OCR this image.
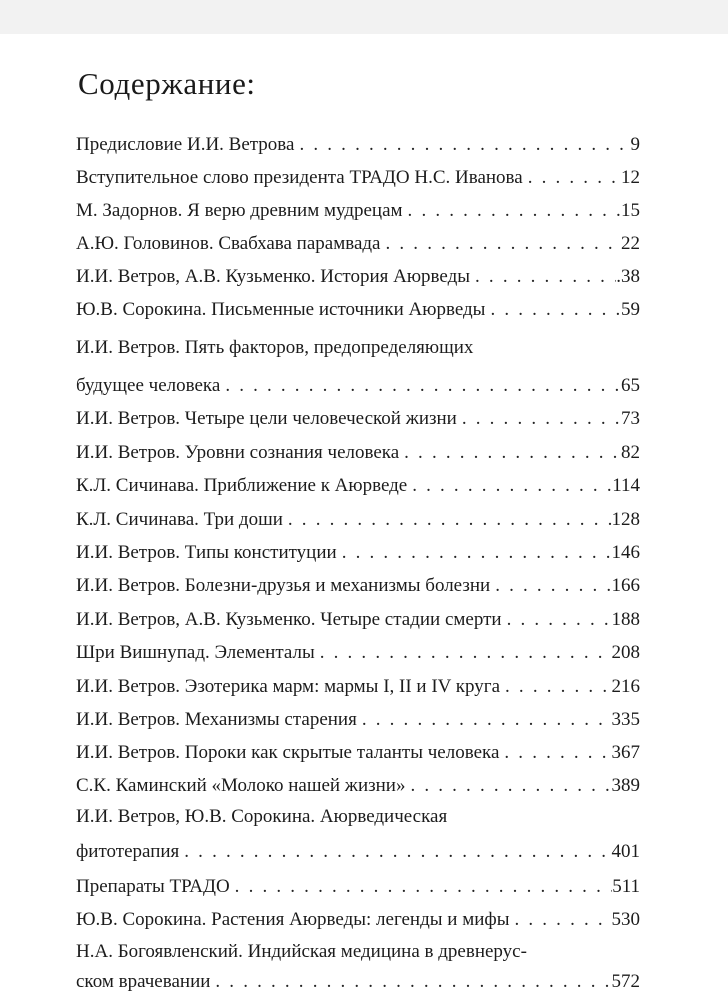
Содержание:
Предисловие И.И. Ветрова . . .	9
Вступительное слово президента ТРАДО Н.С. Иванова . . .	12
М. Задорнов. Я верю древним мудрецам . . .	15
А.Ю. Головинов. Свабхава парамвада . . .	22
И.И. Ветров, А.В. Кузьменко. История Аюрведы . . .	.38
Ю.В. Сорокина. Письменные источники Аюрведы . . .	59
И.И. Ветров. Пять факторов, предопределяющих
будущее человека . . .	65
И.И. Ветров. Четыре цели человеческой жизни . . .	73
И.И. Ветров. Уровни сознания человека . . .	82
К.Л. Сичинава. Приближение к Аюрведе . . .	114
К.Л. Сичинава. Три доши . . .	128
И.И. Ветров. Типы конституции . . .	146
И.И. Ветров. Болезни-друзья и механизмы болезни . . .	166
И.И. Ветров, А.В. Кузьменко. Четыре стадии смерти . . .	188
Шри Вишнупад. Элементалы . . .	208
И.И. Ветров. Эзотерика марм: мармы I, II и IV круга . . .	216
И.И. Ветров. Механизмы старения . . .	335
И.И. Ветров. Пороки как скрытые таланты человека . . .	367
С.К. Каминский «Молоко нашей жизни» . . .	389
И.И. Ветров, Ю.В. Сорокина. Аюрведическая
фитотерапия . . .	401
Препараты ТРАДО . . .	511
Ю.В. Сорокина. Растения Аюрведы: легенды и мифы . . .	530
Н.А. Богоявленский. Индийская медицина в древнерус-
ском врачевании . . .	572
